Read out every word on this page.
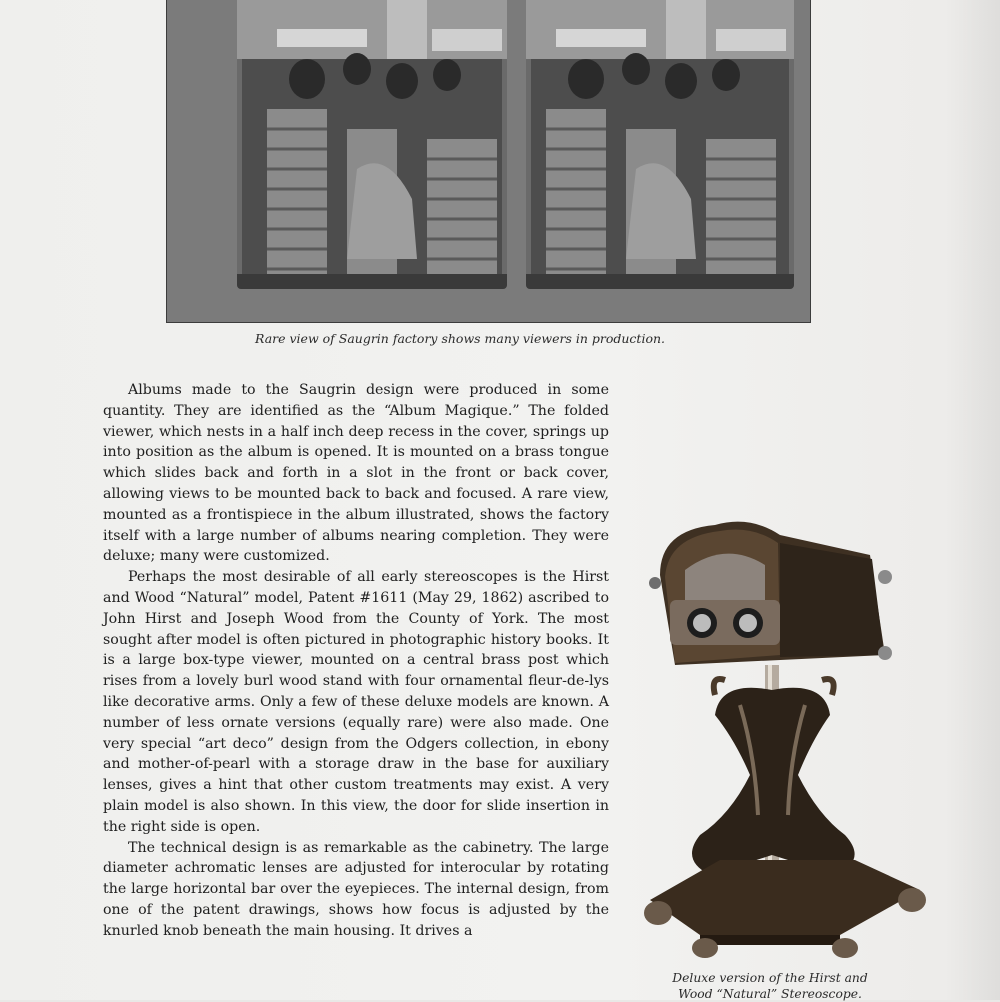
Rare view of Saugrin factory shows many viewers in production.

Albums made to the Saugrin design were produced in some quantity. They are identified as the “Album Magique.” The folded viewer, which nests in a half inch deep recess in the cover, springs up into position as the album is opened. It is mounted on a brass tongue which slides back and forth in a slot in the front or back cover, allowing views to be mounted back to back and focused. A rare view, mounted as a frontispiece in the album illustrated, shows the factory itself with a large number of albums nearing completion. They were deluxe; many were customized.

Perhaps the most desirable of all early stereoscopes is the Hirst and Wood “Natural” model, Patent #1611 (May 29, 1862) ascribed to John Hirst and Joseph Wood from the County of York. The most sought after model is often pictured in photographic history books. It is a large box-type viewer, mounted on a central brass post which rises from a lovely burl wood stand with four ornamental fleur-de-lys like decorative arms. Only a few of these deluxe models are known. A number of less ornate versions (equally rare) were also made. One very special “art deco” design from the Odgers collection, in ebony and mother-of-pearl with a storage draw in the base for auxiliary lenses, gives a hint that other custom treatments may exist. A very plain model is also shown. In this view, the door for slide insertion in the right side is open.

The technical design is as remarkable as the cabinetry. The large diameter achromatic lenses are adjusted for interocular by rotating the large horizontal bar over the eyepieces. The internal design, from one of the patent drawings, shows how focus is adjusted by the knurled knob beneath the main housing. It drives a

Deluxe version of the Hirst and
Wood “Natural” Stereoscope.
